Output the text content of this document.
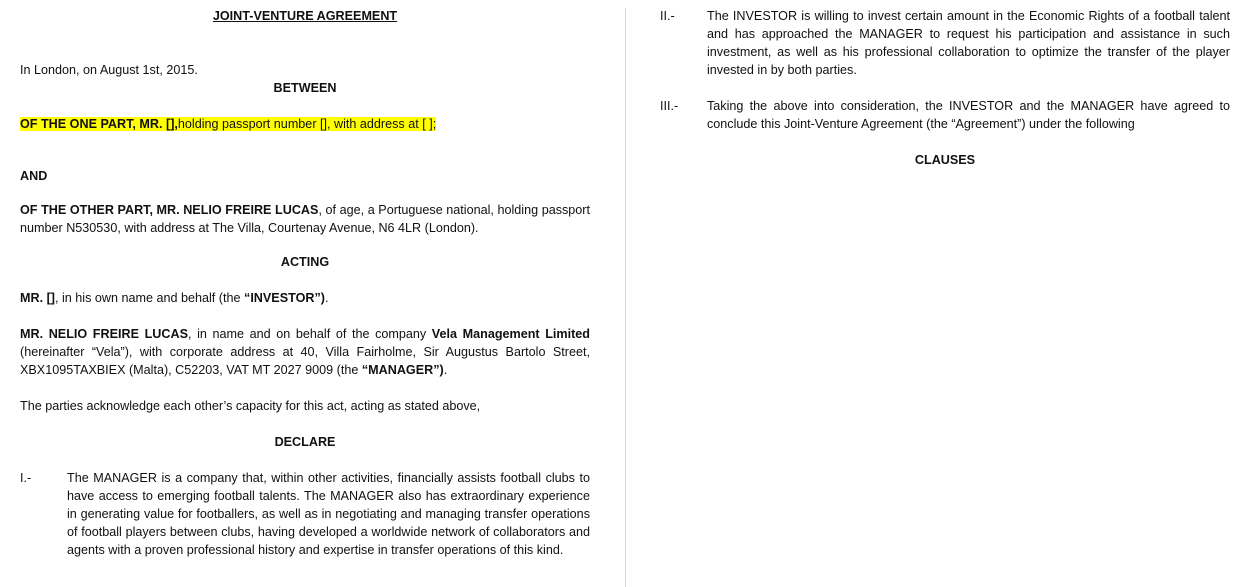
JOINT-VENTURE AGREEMENT

In London, on August 1st, 2015.

BETWEEN

OF THE ONE PART, MR. [],holding passport number [], with address at [ ];

AND

OF THE OTHER PART, MR. NELIO FREIRE LUCAS, of age, a Portuguese national, holding passport number N530530, with address at The Villa, Courtenay Avenue, N6 4LR (London).

ACTING

MR. [], in his own name and behalf (the “INVESTOR”).

MR. NELIO FREIRE LUCAS, in name and on behalf of the company Vela Management Limited (hereinafter “Vela”), with corporate address at 40, Villa Fairholme, Sir Augustus Bartolo Street, XBX1095TAXBIEX (Malta), C52203, VAT MT 2027 9009 (the “MANAGER”).

The parties acknowledge each other’s capacity for this act, acting as stated above,

DECLARE

I.-	The MANAGER is a company that, within other activities, financially assists football clubs to have access to emerging football talents. The MANAGER also has extraordinary experience in generating value for footballers, as well as in negotiating and managing transfer operations of football players between clubs, having developed a worldwide network of collaborators and agents with a proven professional history and expertise in transfer operations of this kind.
II.-	The INVESTOR is willing to invest certain amount in the Economic Rights of a football talent and has approached the MANAGER to request his participation and assistance in such investment, as well as his professional collaboration to optimize the transfer of the player invested in by both parties.
III.-	Taking the above into consideration, the INVESTOR and the MANAGER have agreed to conclude this Joint-Venture Agreement (the “Agreement”) under the following

CLAUSES
